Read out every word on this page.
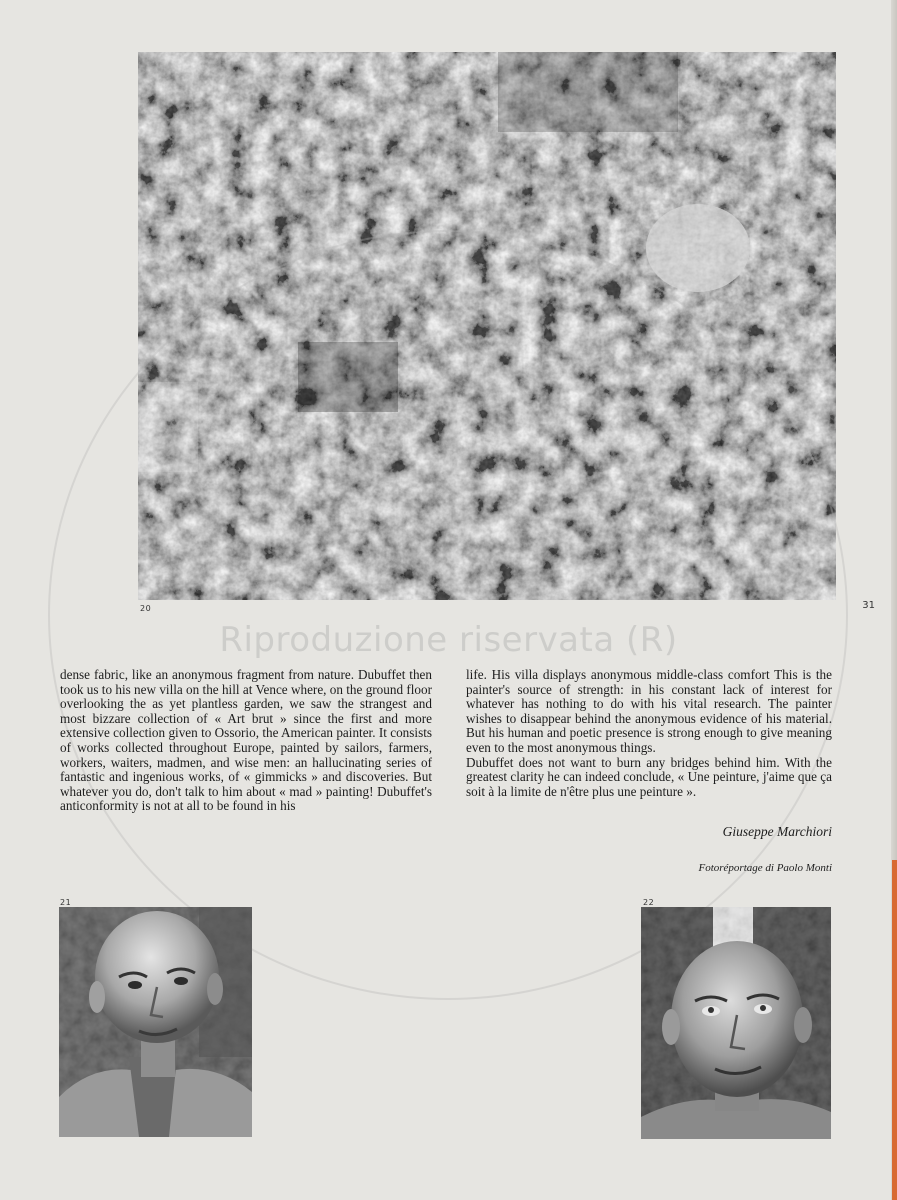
20	31
Riproduzione riservata (R)

dense fabric, like an anonymous fragment from nature. Dubuffet then took us to his new villa on the hill at Vence where, on the ground floor overlooking the as yet plantless garden, we saw the strangest and most bizzare collection of « Art brut » since the first and more extensive collection given to Ossorio, the American painter. It consists of works collected throughout Europe, painted by sailors, farmers, workers, waiters, madmen, and wise men: an hallucinating series of fantastic and ingenious works, of « gimmicks » and discoveries. But whatever you do, don't talk to him about « mad » painting! Dubuffet's anticonformity is not at all to be found in his

life. His villa displays anonymous middle-class comfort This is the painter's source of strength: in his constant lack of interest for whatever has nothing to do with his vital research. The painter wishes to disappear behind the anonymous evidence of his material. But his human and poetic presence is strong enough to give meaning even to the most anonymous things.

Dubuffet does not want to burn any bridges behind him. With the greatest clarity he can indeed conclude, « Une peinture, j'aime que ça soit à la limite de n'être plus une peinture ».

Giuseppe Marchiori
Fotoréportage di Paolo Monti
21	22
